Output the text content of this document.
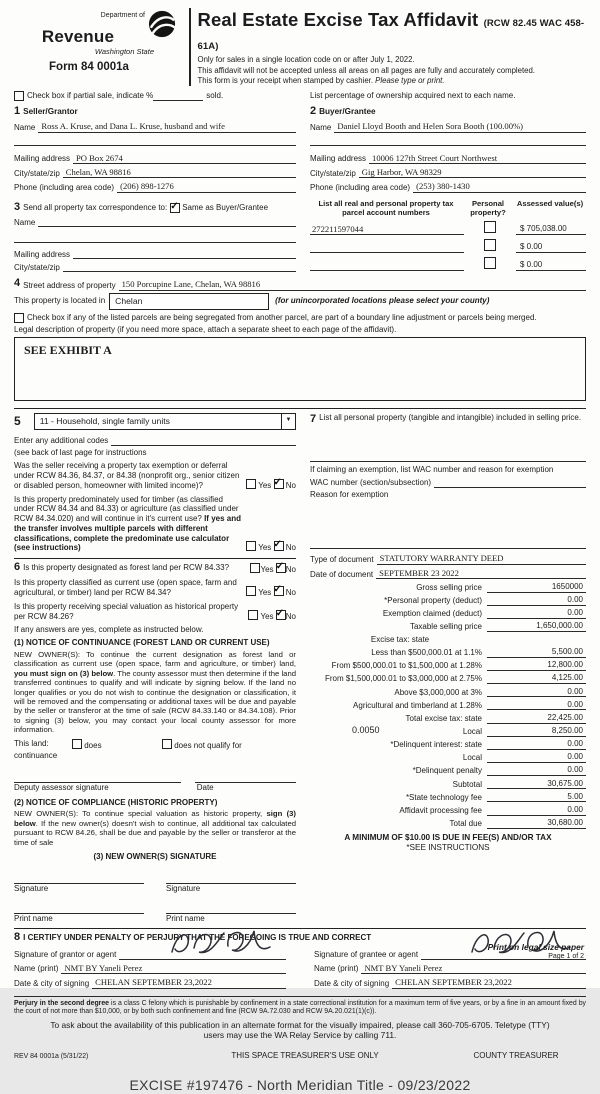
Department of
Revenue
Washington State
Form 84 0001a
Real Estate Excise Tax Affidavit (RCW 82.45 WAC 458-61A)
Only for sales in a single location code on or after July 1, 2022.
This affidavit will not be accepted unless all areas on all pages are fully and accurately completed.
This form is your receipt when stamped by cashier. Please type or print.
Check box if partial sale, indicate %	sold.	List percentage of ownership acquired next to each name.
1 Seller/Grantor
Name Ross A. Kruse, and Dana L. Kruse, husband and wife
Mailing address PO Box 2674
City/state/zip Chelan, WA 98816
Phone (including area code) (206) 898-1276
2 Buyer/Grantee
Name Daniel Lloyd Booth and Helen Sora Booth (100.00%)
Mailing address 10006 127th Street Court Northwest
City/state/zip Gig Harbor, WA 98329
Phone (including area code) (253) 380-1430
3 Send all property tax correspondence to: ✓ Same as Buyer/Grantee
Name
Mailing address
City/state/zip
List all real and personal property tax parcel account numbers
Personal property?
Assessed value(s)
272211597044	$ 705,038.00
$ 0.00
$ 0.00
4 Street address of property 150 Porcupine Lane, Chelan, WA 98816
This property is located in	Chelan	(for unincorporated locations please select your county)
Check box if any of the listed parcels are being segregated from another parcel, are part of a boundary line adjustment or parcels being merged.
Legal description of property (if you need more space, attach a separate sheet to each page of the affidavit).
SEE EXHIBIT A
5	11 - Household, single family units	▼
Enter any additional codes
(see back of last page for instructions
Was the seller receiving a property tax exemption or deferral under RCW 84.36, 84.37, or 84.38 (nonprofit org., senior citizen or disabled person, homeowner with limited income)?	Yes ✓ No
Is this property predominately used for timber (as classified under RCW 84.34 and 84.33) or agriculture (as classified under RCW 84.34.020) and will continue in it's current use? If yes and the transfer involves multiple parcels with different classifications, complete the predominate use calculator (see instructions)	Yes ✓ No
6 Is this property designated as forest land per RCW 84.33?	Yes ✓ No
Is this property classified as current use (open space, farm and agricultural, or timber) land per RCW 84.34?	Yes ✓ No
Is this property receiving special valuation as historical property per RCW 84.26?	Yes ✓ No
If any answers are yes, complete as instructed below.
(1) NOTICE OF CONTINUANCE (FOREST LAND OR CURRENT USE)
NEW OWNER(S): To continue the current designation as forest land or classification as current use (open space, farm and agriculture, or timber) land, you must sign on (3) below. The county assessor must then determine if the land transferred continues to qualify and will indicate by signing below. If the land no longer qualifies or you do not wish to continue the designation or classification, it will be removed and the compensating or additional taxes will be due and payable by the seller or transferor at the time of sale (RCW 84.33.140 or 84.34.108). Prior to signing (3) below, you may contact your local county assessor for more information.
This land:	does	does not qualify for
continuance
Deputy assessor signature	Date
(2) NOTICE OF COMPLIANCE (HISTORIC PROPERTY)
NEW OWNER(S): To continue special valuation as historic property, sign (3) below. If the new owner(s) doesn't wish to continue, all additional tax calculated pursuant to RCW 84.26, shall be due and payable by the seller or transferor at the time of sale
(3) NEW OWNER(S) SIGNATURE
Signature	Signature
Print name	Print name
7 List all personal property (tangible and intangible) included in selling price.
If claiming an exemption, list WAC number and reason for exemption
WAC number (section/subsection)
Reason for exemption
Type of document STATUTORY WARRANTY DEED
Date of document SEPTEMBER 23 2022
Gross selling price	1650000
*Personal property (deduct)	0.00
Exemption claimed (deduct)	0.00
Taxable selling price	1,650,000.00
Excise tax: state
Less than $500,000.01 at 1.1%	5,500.00
From $500,000.01 to $1,500,000 at 1.28%	12,800.00
From $1,500,000.01 to $3,000,000 at 2.75%	4,125.00
Above $3,000,000 at 3%	0.00
Agricultural and timberland at 1.28%	0.00
Total excise tax: state	22,425.00
0.0050	Local	8,250.00
*Delinquent interest: state	0.00
Local	0.00
*Delinquent penalty	0.00
Subtotal	30,675.00
*State technology fee	5.00
Affidavit processing fee	0.00
Total due	30,680.00
A MINIMUM OF $10.00 IS DUE IN FEE(S) AND/OR TAX
*SEE INSTRUCTIONS
8 I CERTIFY UNDER PENALTY OF PERJURY THAT THE FOREGOING IS TRUE AND CORRECT
Signature of grantor or agent
Name (print) NMT BY Yaneli Perez
Date & city of signing CHELAN SEPTEMBER 23,2022
Signature of grantee or agent
Name (print) NMT BY Yaneli Perez
Date & city of signing CHELAN SEPTEMBER 23,2022
Perjury in the second degree is a class C felony which is punishable by confinement in a state correctional institution for a maximum term of five years, or by a fine in an amount fixed by the court of not more than $10,000, or by both such confinement and fine (RCW 9A.72.030 and RCW 9A.20.021(1)(c)).
To ask about the availability of this publication in an alternate format for the visually impaired, please call 360-705-6705. Teletype (TTY) users may use the WA Relay Service by calling 711.
REV 84 0001a (5/31/22)	THIS SPACE TREASURER'S USE ONLY	COUNTY TREASURER
EXCISE #197476 - North Meridian Title - 09/23/2022
Print on legal size paper
Page 1 of 2
